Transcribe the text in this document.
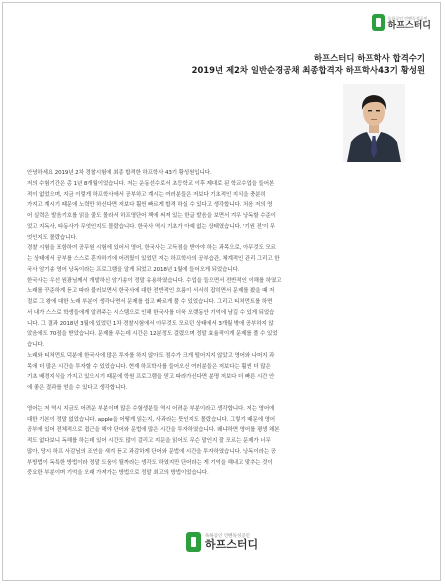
독하공인 인벤독성공인
하프스터디
하프스터디 하프학사 합격수기
2019년 제2차 일반순경공채 최종합격자 하프학사43기 황성원

안녕하세요 2019년 2차 경찰시험에 최종 합격한 하프학사 43기 황성원입니다.

저의 수험기간은 총 1년 8개월이었습니다. 저는 운동선수로서 초등학교 이후 제대로 된 학교수업을 들어본

적이 없었으며, 지금 이렇게 하프학사에서 공부하고 계시는 여러분들은 저보다 기초적인 지식을 충분히

가지고 계시기 때문에 노력만 하신다면 저보다 훨씬 빠르게 합격 하실 수 있다고 생각합니다. 처음 저의 영

어 실력은 발음기호를 읽을 줄도 몰라서 하프영단어 책에 써져 있는 한글 발음을 보면서 겨우 낭독할 수준이

었고 지독사, 타동사가 무엇인지도 몰랐습니다. 한국사 역시 기초가 아예 없는 상태였습니다. '기원 전'이 무

엇인지도 몰랐습니다.

경찰 시험을 포함하여 공무원 시험에 있어서 영어, 한국사는 고득점을 받아야 하는 과목으로, 아무것도 모르

는 상태에서 공부를 스스로 혼자하기에 어려웠이 있었던 저는 하프학사의 공부습관, 체계적인 관리 그리고 한

국사 암기송 영어 낭독이라는 프로그램을 알게 되었고 2018년 1월에 들어오게 되었습니다.

한국사는 우선 원광님께서 개발하신 암기송이 정말 유용하였습니다. 수업을 들으면서 전반적인 이해를 하였고

노래를 꾸준하게 듣고 따라 불러보면서 한국사에 대한 전반적인 흐름이 서서히 잡히면서 문제를 봤을 때 저

절로 그 왕에 대한 노래 부분이 생각나면서 문제를 쉽고 빠르게 풀 수 있었습니다. 그리고 티처먼트를 하면

서 내가 스스로 학생들에게 알려주는 시스템으로 인해 한국사를 더욱 오랫동안 기억에 남길 수 있게 되었습

니다. 그 결과 2018년 3월에 있었던 1차 경찰시험에서 아무것도 모르던 상태에서 3개월 밖에 공부하지 않

았음에도 70점을 받았습니다. 문제를 푸는데 시간은 12분정도 걸렸으며 정말 효율적이게 문제를 풀 수 있었

습니다.

노래와 티처먼트 덕분에 한국사에 많은 투자를 하지 않아도 점수가 크게 떨어지지 않았고 영어와 나머지 과

목에 더 많은 시간을 투자할 수 있었습니다. 현재 하프학사를 들어오신 여러분들은 저보다는 훨씬 더 많은

기초 배경지식을 가지고 있으시기 때문에 학원 프로그램을 믿고 따라가신다면 분명 저보다 더 빠른 시간 안

에 좋은 결과를 얻을 수 있다고 생각합니다.

영어는 저 역시 지금도 어려운 부분이며 많은 수험생분들 역시 어려운 부분이라고 생각합니다. 저는 영어에

대한 기본이 정말 없었습니다. apple을 어떻게 읽는지, 사과라는 뜻인지도 몰랐습니다. 그렇기 때문에 영어

공부에 있어 전체적으로 접근을 해야 단어와 문법에 많은 시간을 투자하였습니다. 왜냐하면 영어를 평생 해본

적도 없다보니 독해를 하는데 있어 시간도 많이 걸리고 지문을 읽어도 무슨 말인지 잘 모르는 문제가 너무

많아, 당시 하프 사감님의 조언을 새겨 듣고 과감하게 단어와 문법에 시간을 투자하였습니다. 낭독이라는 공

부방법이 독특한 방법이라 정말 도움이 될까라는 생각도 하였지만 단어라는 게 기억을 해내고 맞추는 것이

중요한 부분이며 기억을 오래 가져가는 방법으로 정말 최고의 방법이었습니다.

독하공인 인벤독성공인
하프스터디
